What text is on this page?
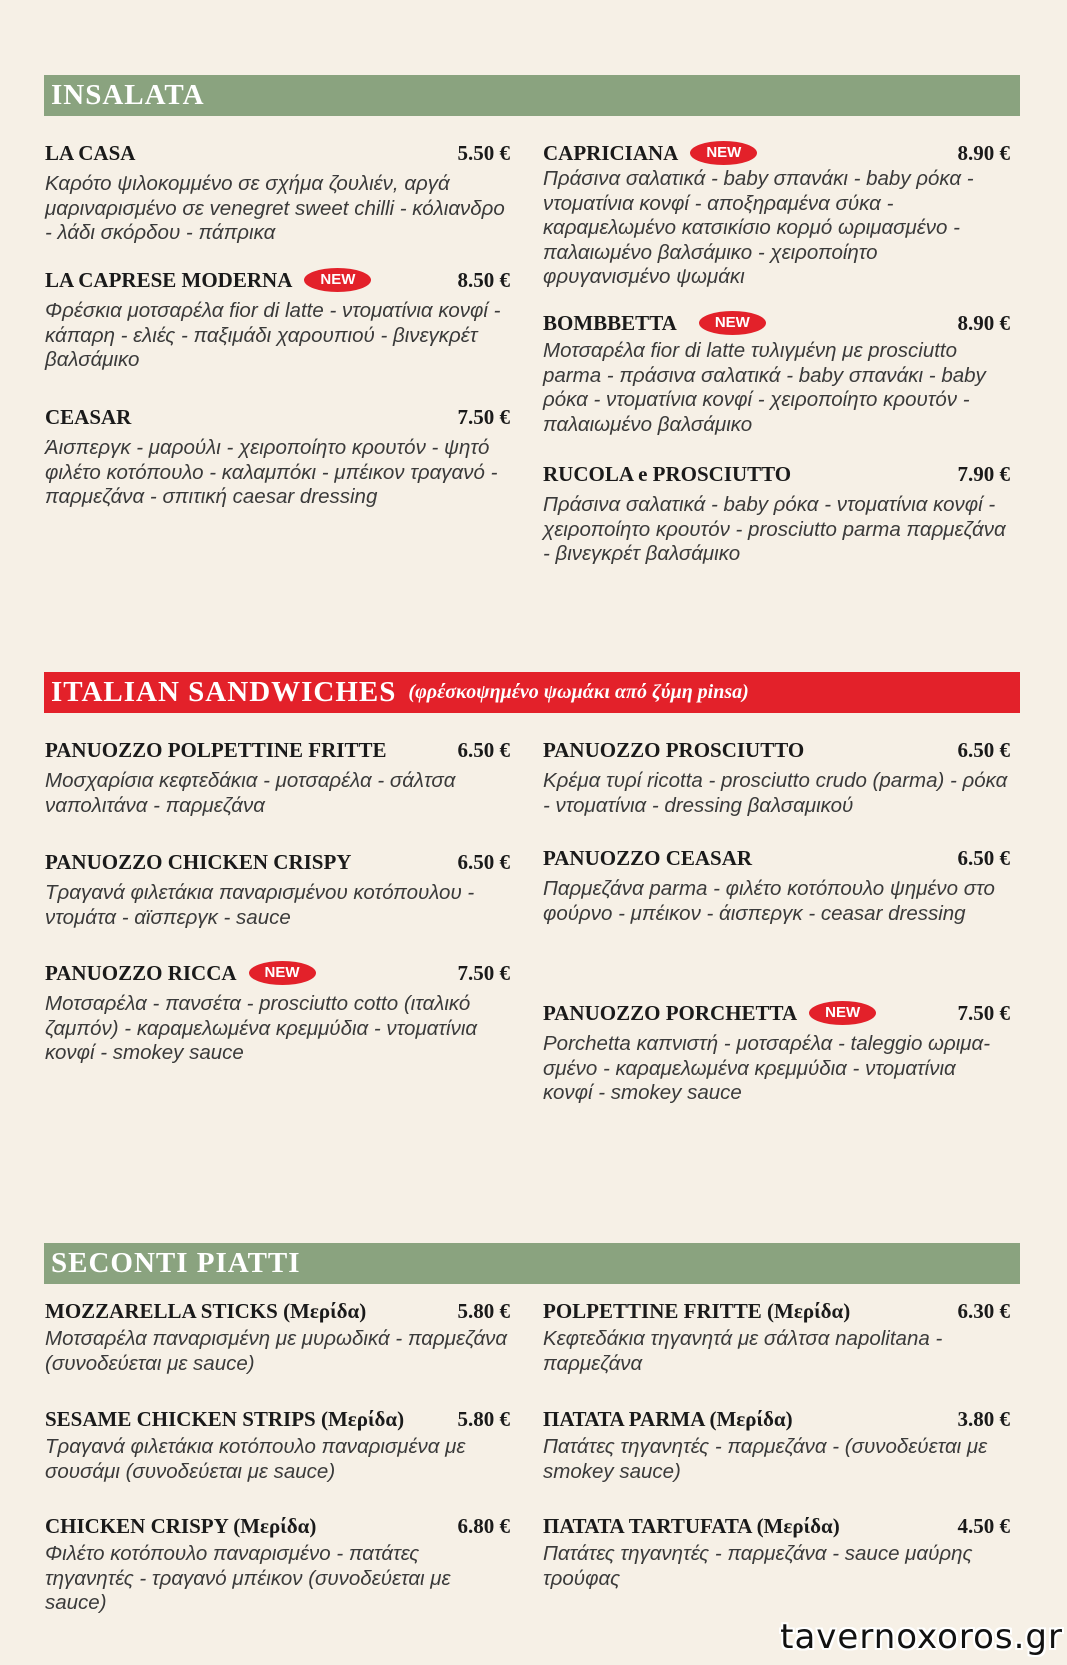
INSALATA
LA CASA	5.50 €
Καρότο ψιλοκομμένο σε σχήμα ζουλιέν, αργά μαριναρισμένο σε venegret sweet chilli - κόλιανδρο - λάδι σκόρδου - πάπρικα
LA CAPRESE MODERNA	NEW	8.50 €
Φρέσκια μοτσαρέλα fior di latte - ντοματίνια κονφί - κάπαρη - ελιές - παξιμάδι χαρουπιού - βινεγκρέτ βαλσάμικο
CEASAR	7.50 €
Άισπεργκ - μαρούλι - χειροποίητο κρουτόν - ψητό φιλέτο κοτόπουλο - καλαμπόκι - μπέικον τραγανό - παρμεζάνα - σπιτική caesar dressing
CAPRICIANA	NEW	8.90 €
Πράσινα σαλατικά - baby σπανάκι - baby ρόκα - ντοματίνια κονφί - αποξηραμένα σύκα - καραμελωμένο κατσικίσιο κορμό ωριμασμένο - παλαιωμένο βαλσάμικο - χειροποίητο φρυγανισμένο ψωμάκι
BOMBBETTA	NEW	8.90 €
Μοτσαρέλα fior di latte τυλιγμένη με prosciutto parma - πράσινα σαλατικά - baby σπανάκι - baby ρόκα - ντοματίνια κονφί - χειροποίητο κρουτόν - παλαιωμένο βαλσάμικο
RUCOLA e PROSCIUTTO	7.90 €
Πράσινα σαλατικά - baby ρόκα - ντοματίνια κονφί - χειροποίητο κρουτόν - prosciutto parma παρμεζάνα - βινεγκρέτ βαλσάμικο
ITALIAN SANDWICHES (φρέσκοψημένο ψωμάκι από ζύμη pinsa)
PANUOZZO POLPETTINE FRITTE	6.50 €
Μοσχαρίσια κεφτεδάκια - μοτσαρέλα - σάλτσα ναπολιτάνα - παρμεζάνα
PANUOZZO CHICKEN CRISPY	6.50 €
Τραγανά φιλετάκια παναρισμένου κοτόπουλου - ντομάτα - αϊσπεργκ - sauce
PANUOZZO RICCA	NEW	7.50 €
Μοτσαρέλα - πανσέτα - prosciutto cotto (ιταλικό ζαμπόν) - καραμελωμένα κρεμμύδια - ντοματίνια κονφί - smokey sauce
PANUOZZO PROSCIUTTO	6.50 €
Κρέμα τυρί ricotta - prosciutto crudo (parma) - ρόκα - ντοματίνια - dressing βαλσαμικού
PANUOZZO CEASAR	6.50 €
Παρμεζάνα parma - φιλέτο κοτόπουλο ψημένο στο φούρνο - μπέικον - άισπεργκ - ceasar dressing
PANUOZZO PORCHETTA	NEW	7.50 €
Porchetta καπνιστή - μοτσαρέλα - taleggio ωριμα-σμένο - καραμελωμένα κρεμμύδια - ντοματίνια κονφί - smokey sauce
SECONTI PIATTI
MOZZARELLA STICKS (Μερίδα)	5.80 €
Μοτσαρέλα παναρισμένη με μυρωδικά - παρμεζάνα (συνοδεύεται με sauce)
SESAME CHICKEN STRIPS (Μερίδα)	5.80 €
Τραγανά φιλετάκια κοτόπουλο παναρισμένα με σουσάμι (συνοδεύεται με sauce)
CHICKEN CRISPY (Μερίδα)	6.80 €
Φιλέτο κοτόπουλο παναρισμένο - πατάτες τηγανητές - τραγανό μπέικον (συνοδεύεται με sauce)
POLPETTINE FRITTE (Μερίδα)	6.30 €
Κεφτεδάκια τηγανητά με σάλτσα napolitana - παρμεζάνα
ΠΑΤΑΤΑ PARMA (Μερίδα)	3.80 €
Πατάτες τηγανητές - παρμεζάνα - (συνοδεύεται με smokey sauce)
ΠΑΤΑΤΑ TARTUFATA (Μερίδα)	4.50 €
Πατάτες τηγανητές - παρμεζάνα - sauce μαύρης τρούφας
tavernoxoros.gr
